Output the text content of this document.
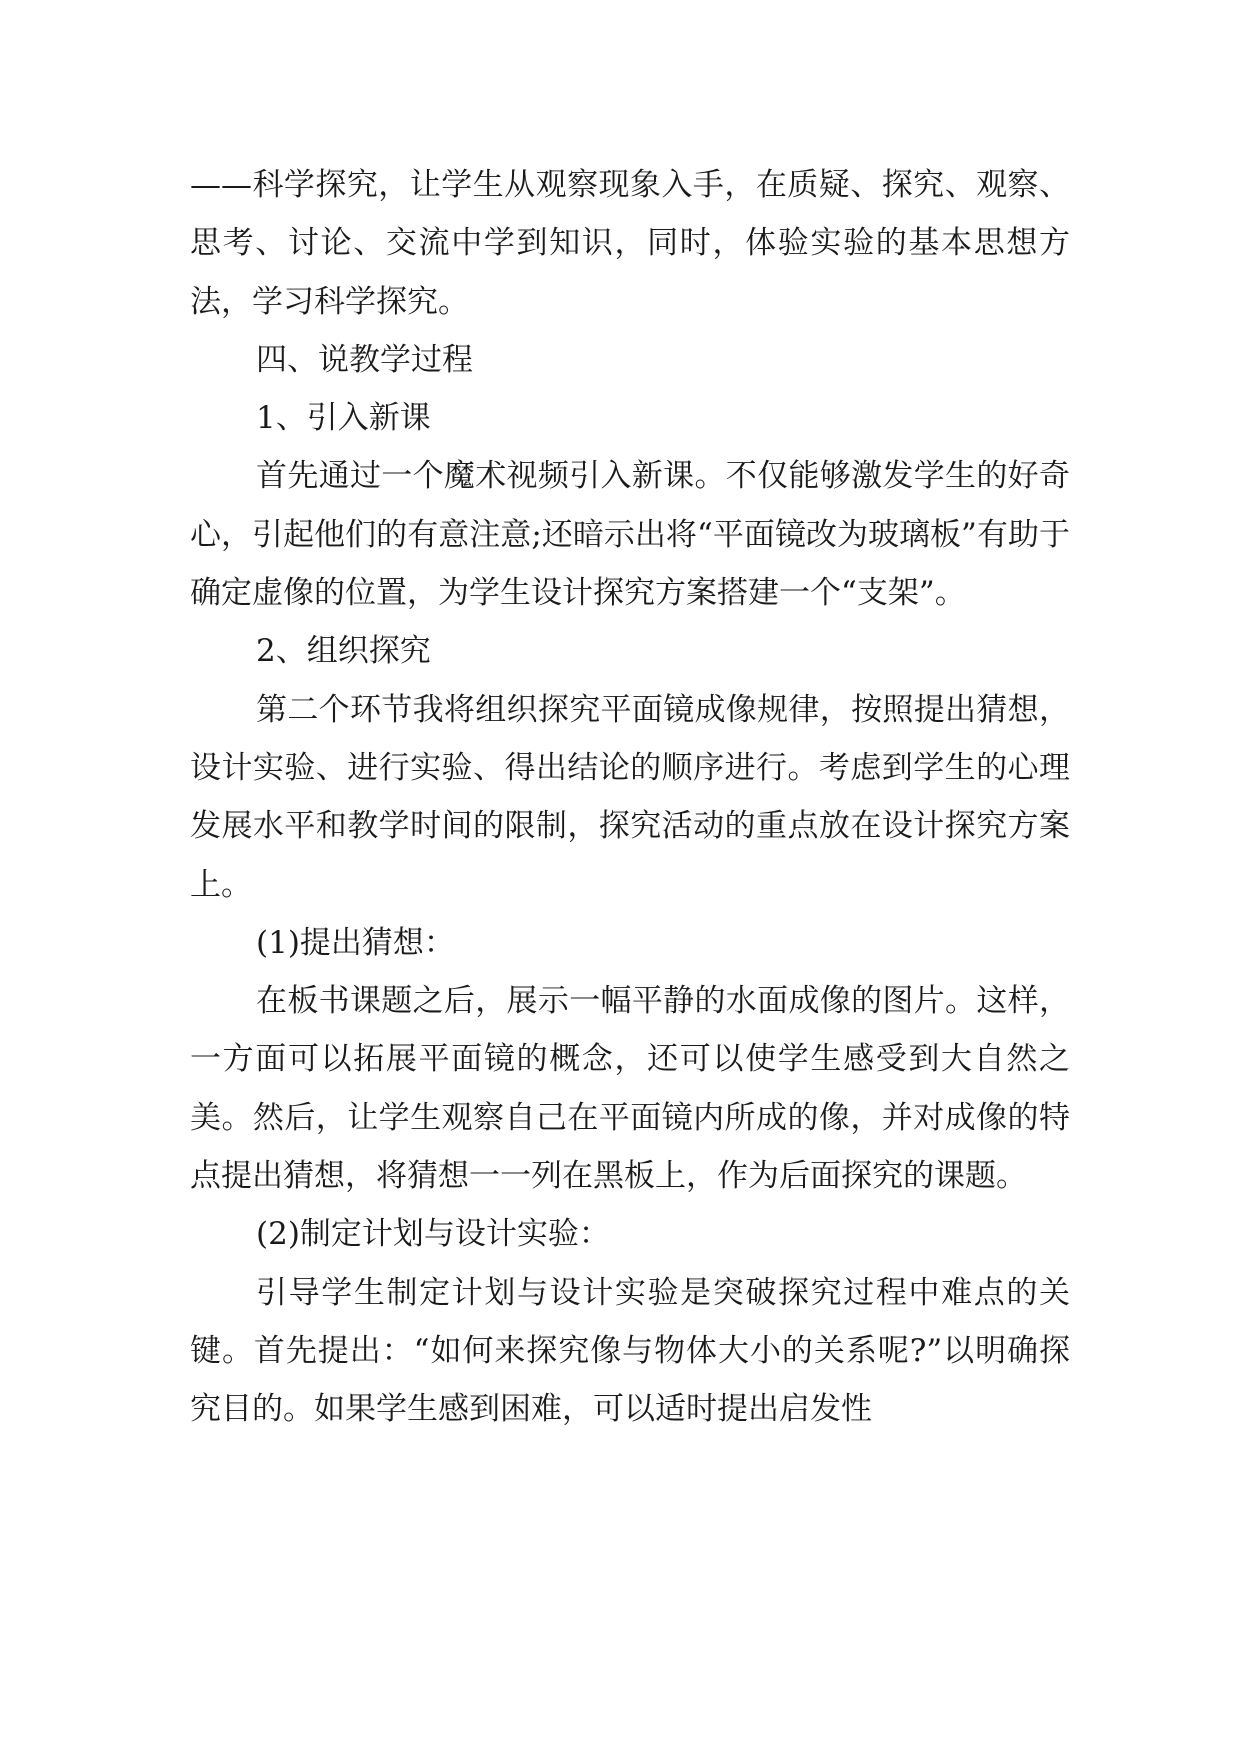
——科学探究，让学生从观察现象入手，在质疑、探究、观察、思考、讨论、交流中学到知识，同时，体验实验的基本思想方法，学习科学探究。

四、说教学过程

1、引入新课

首先通过一个魔术视频引入新课。不仅能够激发学生的好奇心，引起他们的有意注意;还暗示出将“平面镜改为玻璃板”有助于确定虚像的位置，为学生设计探究方案搭建一个“支架”。

2、组织探究

第二个环节我将组织探究平面镜成像规律，按照提出猜想，设计实验、进行实验、得出结论的顺序进行。考虑到学生的心理发展水平和教学时间的限制，探究活动的重点放在设计探究方案上。

(1)提出猜想：

在板书课题之后，展示一幅平静的水面成像的图片。这样，一方面可以拓展平面镜的概念，还可以使学生感受到大自然之美。然后，让学生观察自己在平面镜内所成的像，并对成像的特点提出猜想，将猜想一一列在黑板上，作为后面探究的课题。

(2)制定计划与设计实验：

引导学生制定计划与设计实验是突破探究过程中难点的关键。首先提出：“如何来探究像与物体大小的关系呢?”以明确探究目的。如果学生感到困难，可以适时提出启发性
